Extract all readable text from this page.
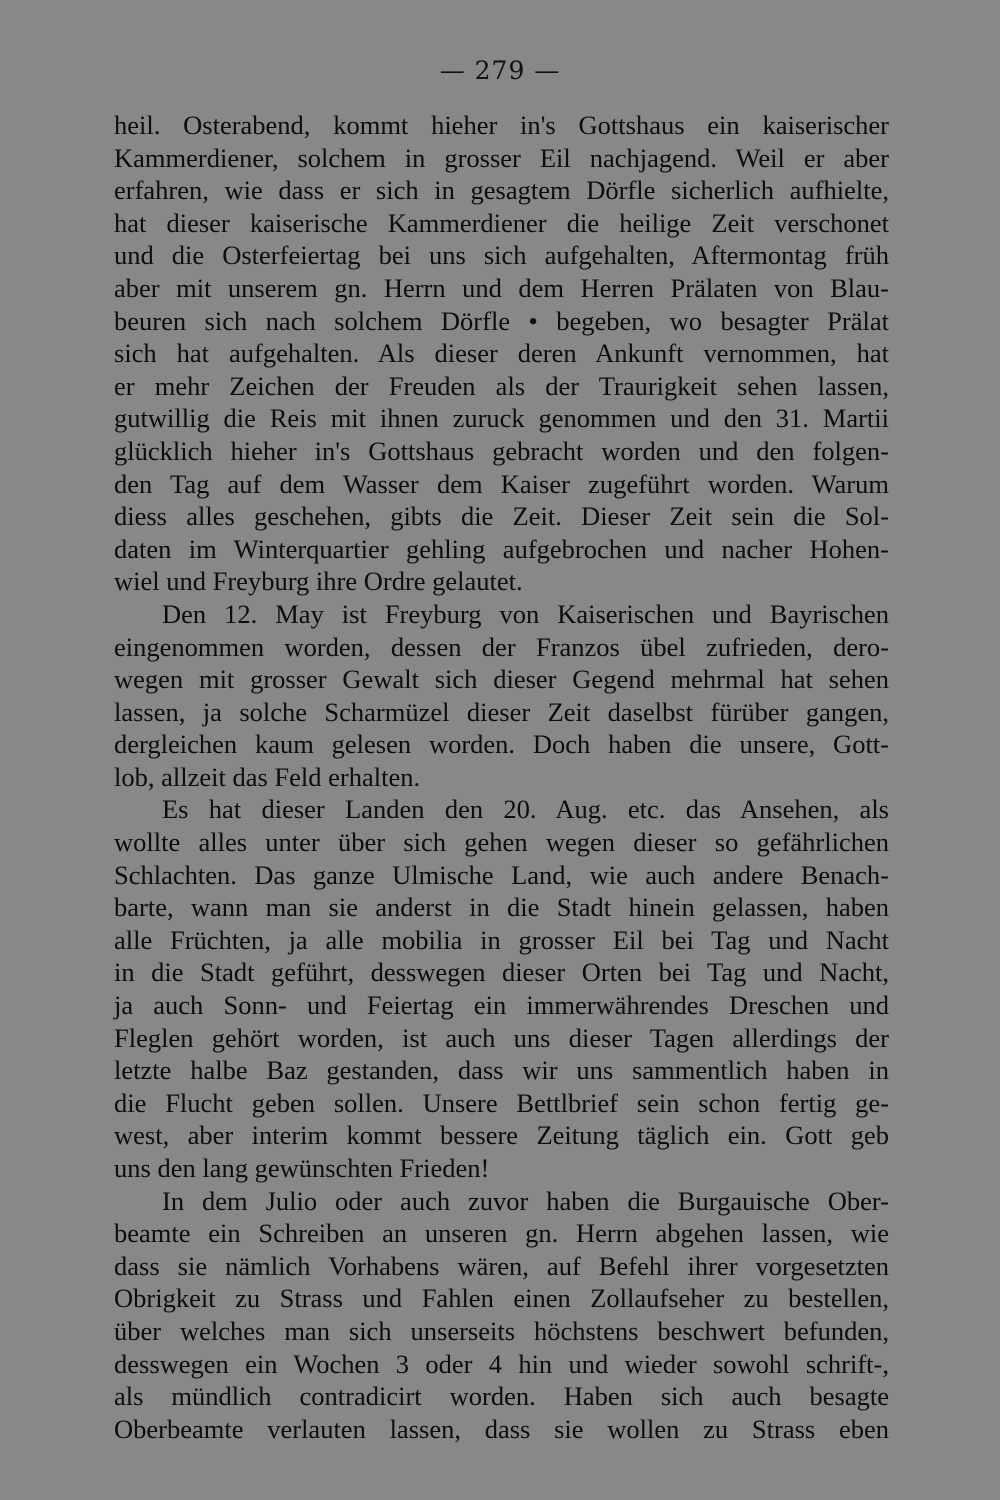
— 279 —
heil. Osterabend, kommt hieher in's Gottshaus ein kaiserischer
Kammerdiener, solchem in grosser Eil nachjagend. Weil er aber
erfahren, wie dass er sich in gesagtem Dörfle sicherlich aufhielte,
hat dieser kaiserische Kammerdiener die heilige Zeit verschonet
und die Osterfeiertag bei uns sich aufgehalten, Aftermontag früh
aber mit unserem gn. Herrn und dem Herren Prälaten von Blau-
beuren sich nach solchem Dörfle • begeben, wo besagter Prälat
sich hat aufgehalten. Als dieser deren Ankunft vernommen, hat
er mehr Zeichen der Freuden als der Traurigkeit sehen lassen,
gutwillig die Reis mit ihnen zuruck genommen und den 31. Martii
glücklich hieher in's Gottshaus gebracht worden und den folgen-
den Tag auf dem Wasser dem Kaiser zugeführt worden. Warum
diess alles geschehen, gibts die Zeit. Dieser Zeit sein die Sol-
daten im Winterquartier gehling aufgebrochen und nacher Hohen-
wiel und Freyburg ihre Ordre gelautet.
Den 12. May ist Freyburg von Kaiserischen und Bayrischen
eingenommen worden, dessen der Franzos übel zufrieden, dero-
wegen mit grosser Gewalt sich dieser Gegend mehrmal hat sehen
lassen, ja solche Scharmüzel dieser Zeit daselbst fürüber gangen,
dergleichen kaum gelesen worden. Doch haben die unsere, Gott-
lob, allzeit das Feld erhalten.
Es hat dieser Landen den 20. Aug. etc. das Ansehen, als
wollte alles unter über sich gehen wegen dieser so gefährlichen
Schlachten. Das ganze Ulmische Land, wie auch andere Benach-
barte, wann man sie anderst in die Stadt hinein gelassen, haben
alle Früchten, ja alle mobilia in grosser Eil bei Tag und Nacht
in die Stadt geführt, desswegen dieser Orten bei Tag und Nacht,
ja auch Sonn- und Feiertag ein immerwährendes Dreschen und
Fleglen gehört worden, ist auch uns dieser Tagen allerdings der
letzte halbe Baz gestanden, dass wir uns sammentlich haben in
die Flucht geben sollen. Unsere Bettlbrief sein schon fertig ge-
west, aber interim kommt bessere Zeitung täglich ein. Gott geb
uns den lang gewünschten Frieden!
In dem Julio oder auch zuvor haben die Burgauische Ober-
beamte ein Schreiben an unseren gn. Herrn abgehen lassen, wie
dass sie nämlich Vorhabens wären, auf Befehl ihrer vorgesetzten
Obrigkeit zu Strass und Fahlen einen Zollaufseher zu bestellen,
über welches man sich unserseits höchstens beschwert befunden,
desswegen ein Wochen 3 oder 4 hin und wieder sowohl schrift-,
als mündlich contradicirt worden. Haben sich auch besagte
Oberbeamte verlauten lassen, dass sie wollen zu Strass eben
